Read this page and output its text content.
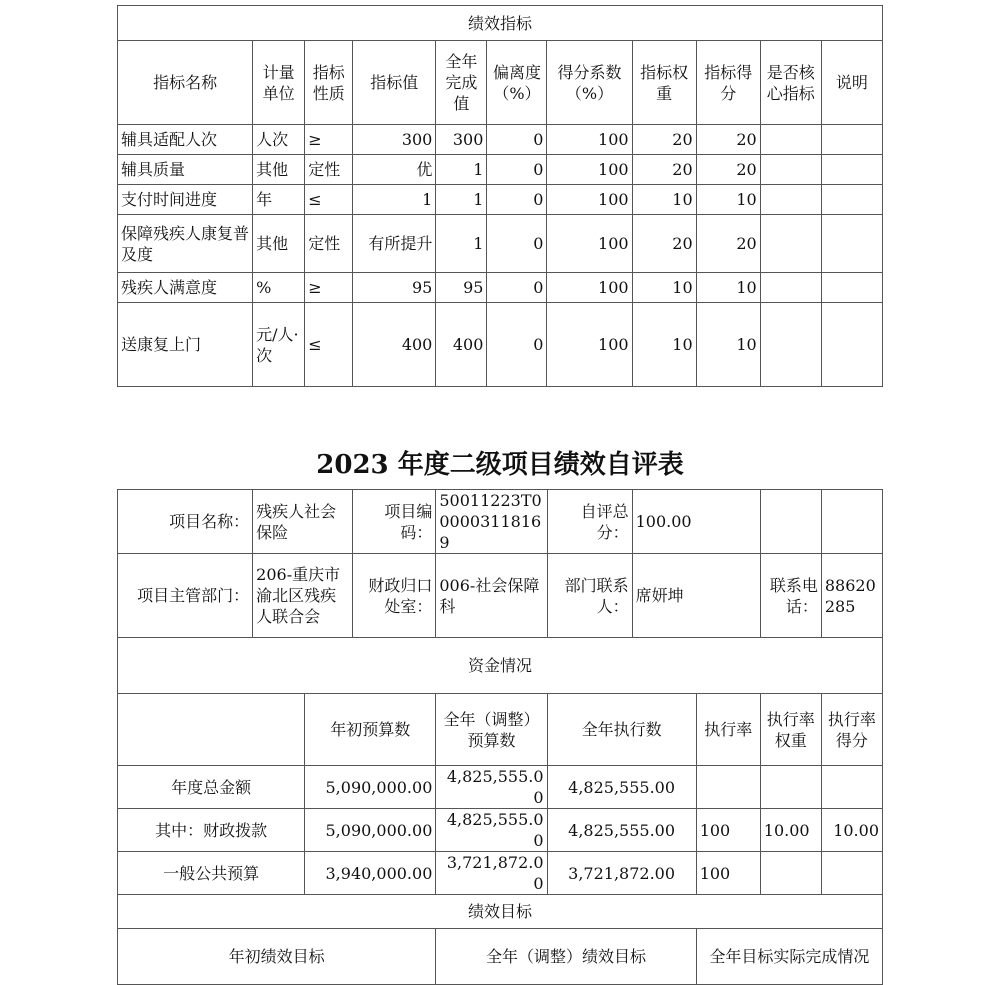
绩效指标										
指标名称	计量单位	指标性质	指标值	全年完成值	偏离度（%）	得分系数（%）	指标权重	指标得分	是否核心指标	说明
辅具适配人次	人次	≥	300	300	0	100	20	20		
辅具质量	其他	定性	优	1	0	100	20	20		
支付时间进度	年	≤	1	1	0	100	10	10		
保障残疾人康复普及度	其他	定性	有所提升	1	0	100	20	20		
残疾人满意度	%	≥	95	95	0	100	10	10		
送康复上门	元/人·次	≤	400	400	0	100	10	10		
2023 年度二级项目绩效自评表
项目名称：	残疾人社会保险		项目编码：	50011223T000003118169	自评总分：	100.00			
项目主管部门：	206-重庆市渝北区残疾人联合会		财政归口处室：	006-社会保障科	部门联系人：	席妍坤		联系电话：	88620285
资金情况									
		年初预算数		全年（调整）预算数	全年执行数		执行率	执行率权重	执行率得分
年度总金额		5,090,000.00		4,825,555.00	4,825,555.00				
其中：财政拨款		5,090,000.00		4,825,555.00	4,825,555.00		100	10.00	10.00
一般公共预算		3,940,000.00		3,721,872.00	3,721,872.00		100		
绩效目标									
年初绩效目标				全年（调整）绩效目标			全年目标实际完成情况		
